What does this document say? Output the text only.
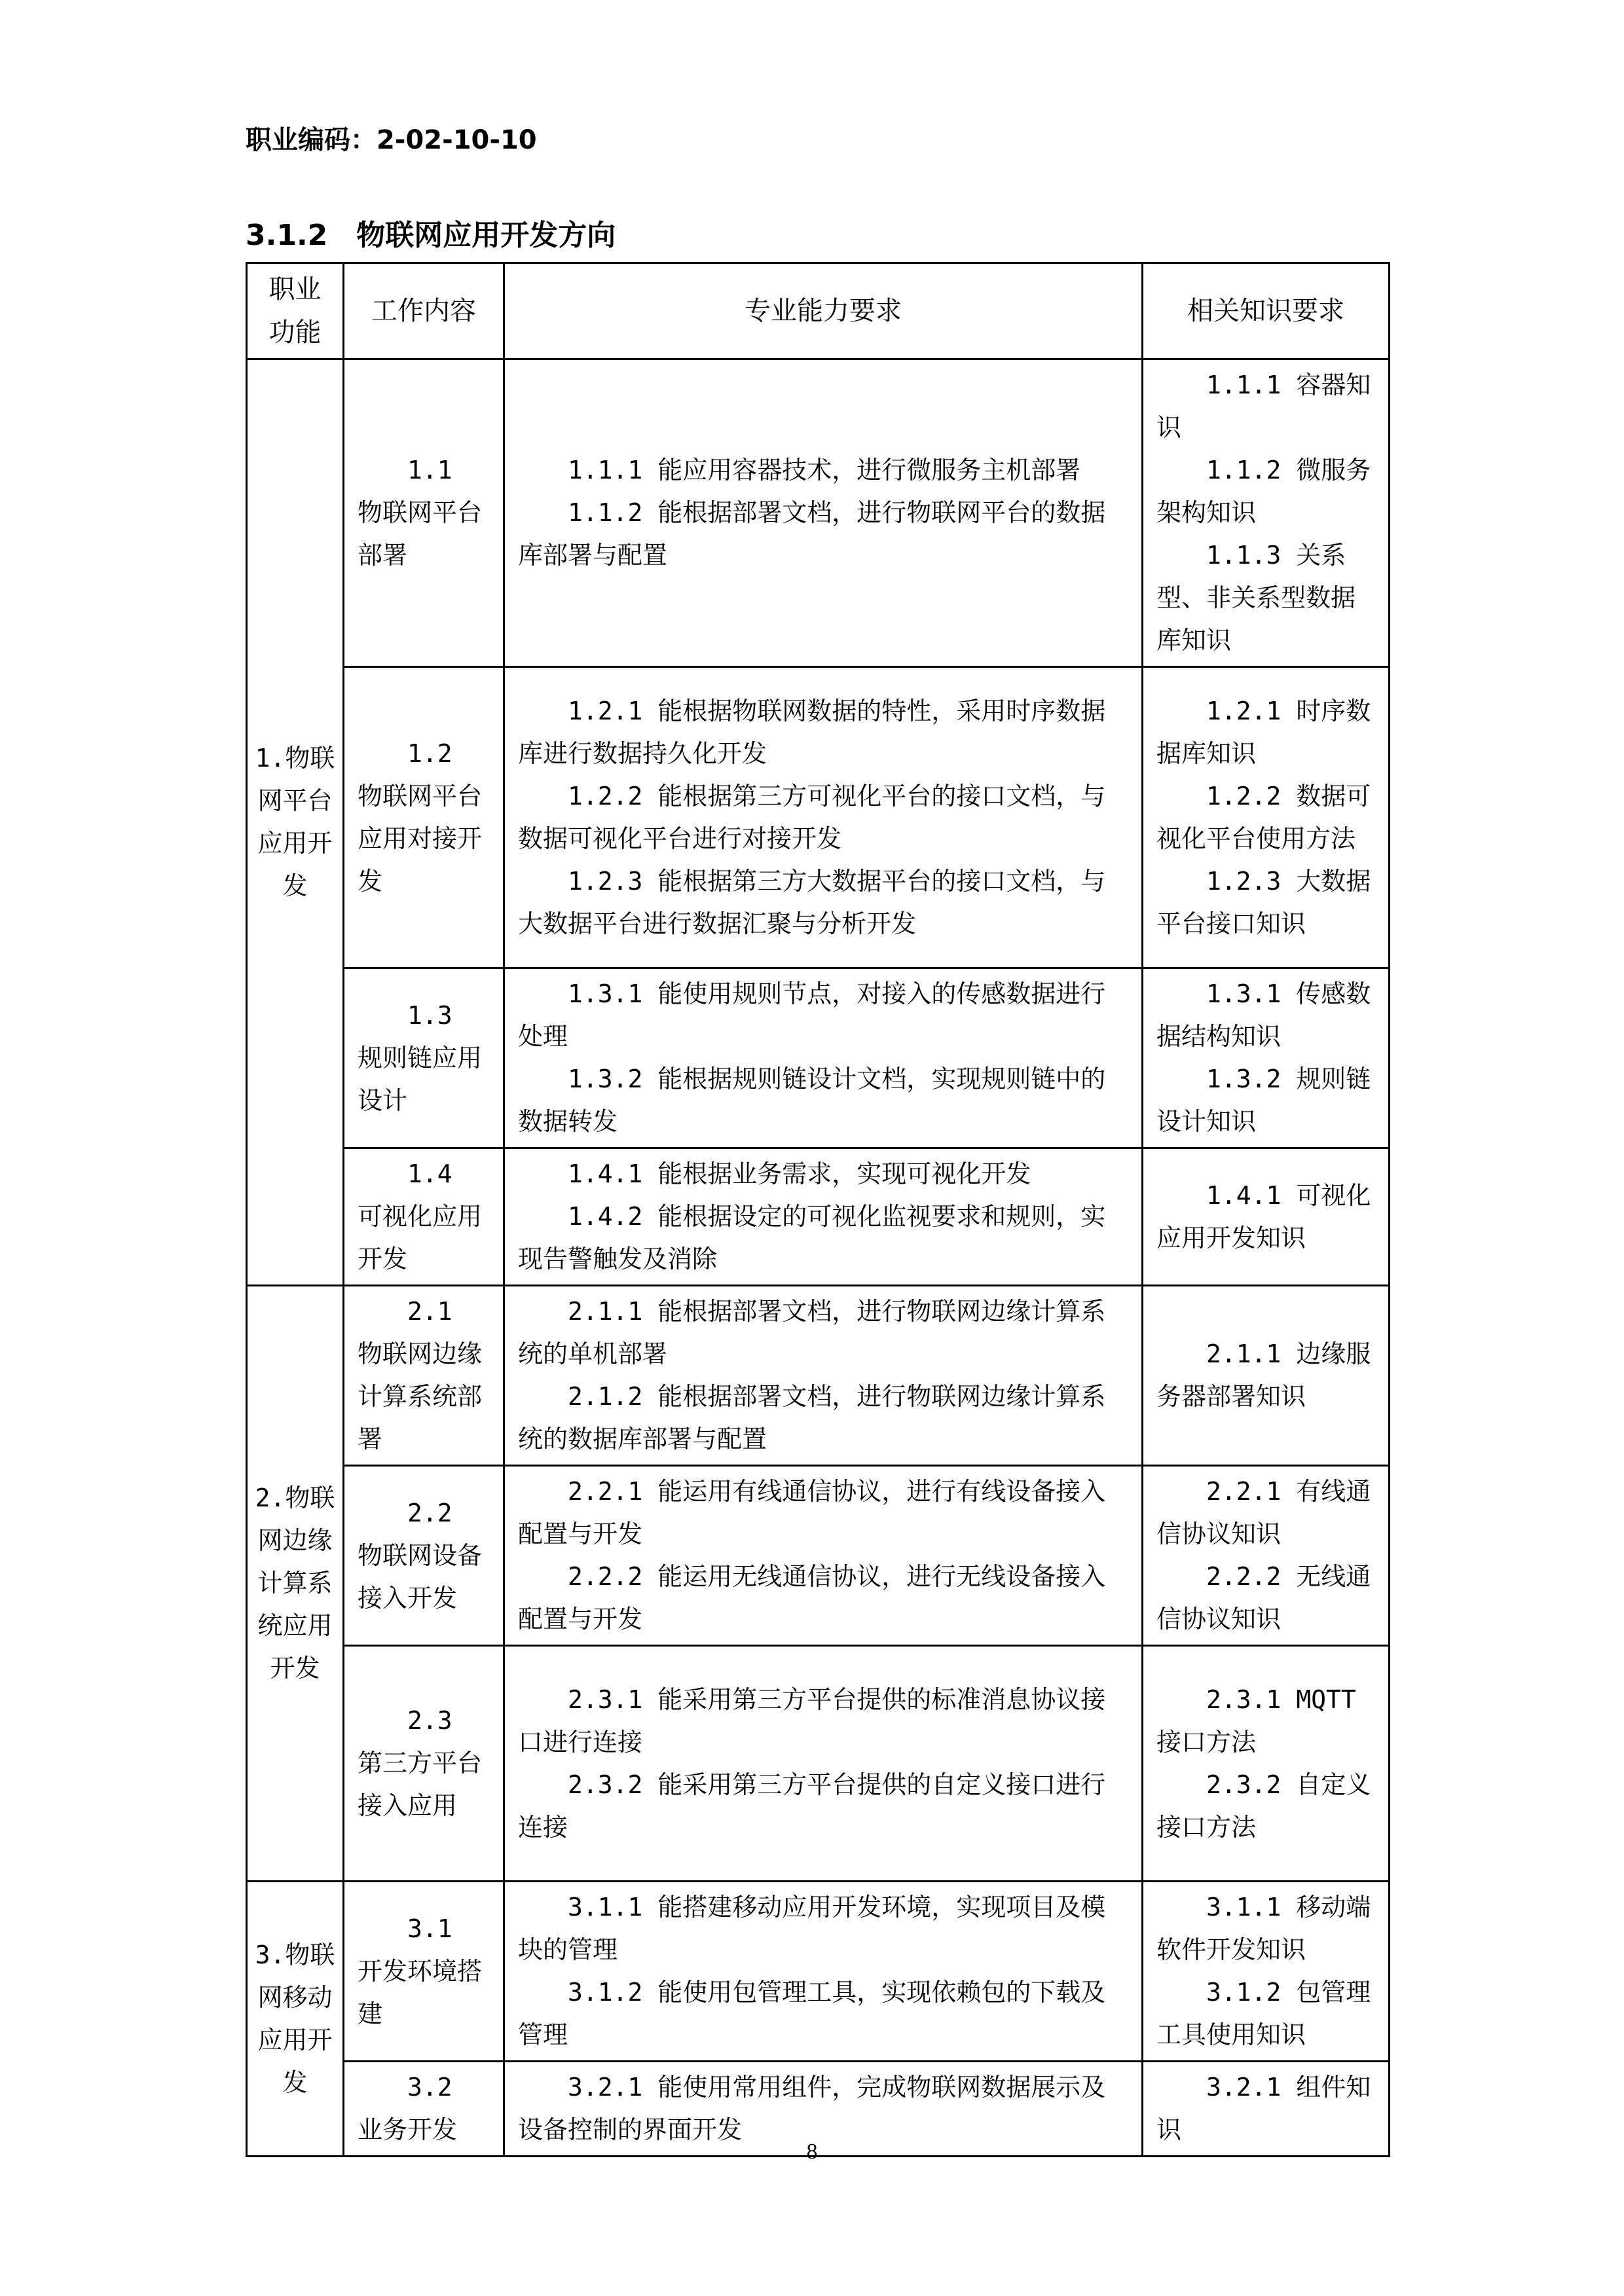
职业编码：2-02-10-10
3.1.2 物联网应用开发方向
职业功能	工作内容	专业能力要求	相关知识要求
1.物联网平台应用开发	1.1 物联网平台部署	1.1.1 能应用容器技术，进行微服务主机部署
1.1.2 能根据部署文档，进行物联网平台的数据库部署与配置	1.1.1 容器知识
1.1.2 微服务架构知识
1.1.3 关系型、非关系型数据库知识

	1.2 物联网平台应用对接开发	1.2.1 能根据物联网数据的特性，采用时序数据库进行数据持久化开发
1.2.2 能根据第三方可视化平台的接口文档，与数据可视化平台进行对接开发
1.2.3 能根据第三方大数据平台的接口文档，与大数据平台进行数据汇聚与分析开发	1.2.1 时序数据库知识
1.2.2 数据可视化平台使用方法
1.2.3 大数据平台接口知识

	1.3 规则链应用设计	1.3.1 能使用规则节点，对接入的传感数据进行处理
1.3.2 能根据规则链设计文档，实现规则链中的数据转发	1.3.1 传感数据结构知识
1.3.2 规则链设计知识

	1.4 可视化应用开发	1.4.1 能根据业务需求，实现可视化开发
1.4.2 能根据设定的可视化监视要求和规则，实现告警触发及消除	1.4.1 可视化应用开发知识

2.物联网边缘计算系统应用开发	2.1 物联网边缘计算系统部署	2.1.1 能根据部署文档，进行物联网边缘计算系统的单机部署
2.1.2 能根据部署文档，进行物联网边缘计算系统的数据库部署与配置	2.1.1 边缘服务器部署知识

	2.2 物联网设备接入开发	2.2.1 能运用有线通信协议，进行有线设备接入配置与开发
2.2.2 能运用无线通信协议，进行无线设备接入配置与开发	2.2.1 有线通信协议知识
2.2.2 无线通信协议知识

	2.3 第三方平台接入应用	2.3.1 能采用第三方平台提供的标准消息协议接口进行连接
2.3.2 能采用第三方平台提供的自定义接口进行连接	2.3.1 MQTT 接口方法
2.3.2 自定义接口方法

3.物联网移动应用开发	3.1 开发环境搭建	3.1.1 能搭建移动应用开发环境，实现项目及模块的管理
3.1.2 能使用包管理工具，实现依赖包的下载及管理	3.1.1 移动端软件开发知识
3.1.2 包管理工具使用知识

	3.2 业务开发	3.2.1 能使用常用组件，完成物联网数据展示及设备控制的界面开发	3.2.1 组件知识
8
